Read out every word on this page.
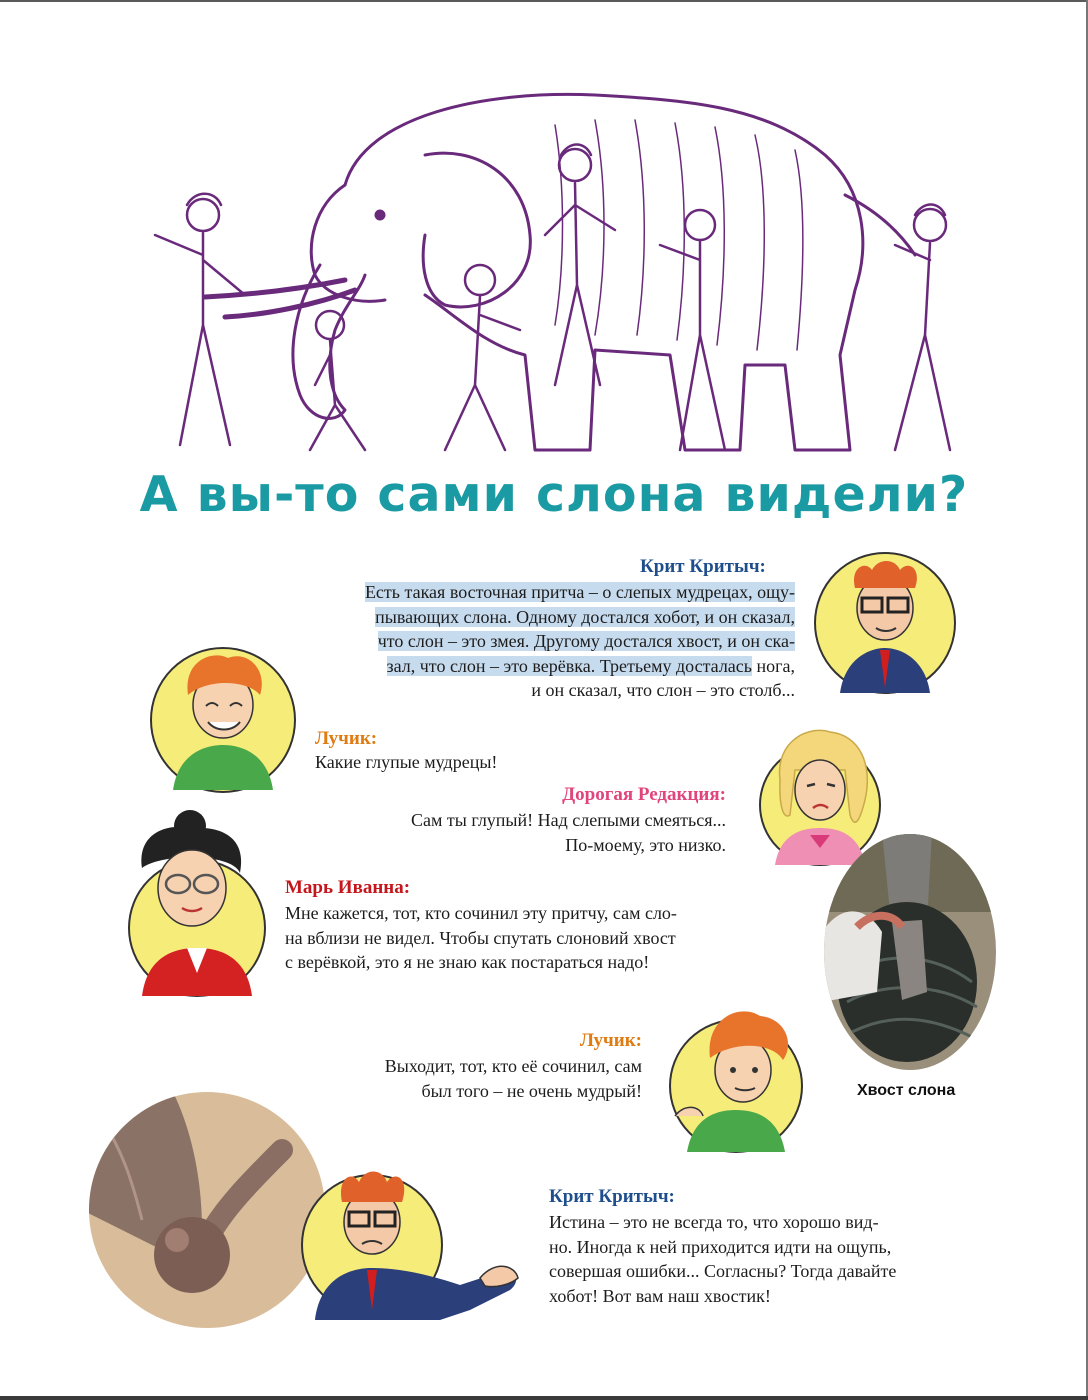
А вы-то сами слона видели?
Хвост слона
Крит Критыч:
Есть такая восточная притча – о слепых мудрецах, ощу-
пывающих слона. Одному достался хобот, и он сказал,
что слон – это змея. Другому достался хвост, и он ска-
зал, что слон – это верёвка. Третьему досталась нога,
и он сказал, что слон – это столб...
Лучик:
Какие глупые мудрецы!
Дорогая Редакция:
Сам ты глупый! Над слепыми смеяться...
По-моему, это низко.
Марь Иванна:
Мне кажется, тот, кто сочинил эту притчу, сам сло-
на вблизи не видел. Чтобы спутать слоновий хвост
с верёвкой, это я не знаю как постараться надо!
Лучик:
Выходит, тот, кто её сочинил, сам
был того – не очень мудрый!
Крит Критыч:
Истина – это не всегда то, что хорошо вид-
но. Иногда к ней приходится идти на ощупь,
совершая ошибки... Согласны? Тогда давайте
хобот! Вот вам наш хвостик!
